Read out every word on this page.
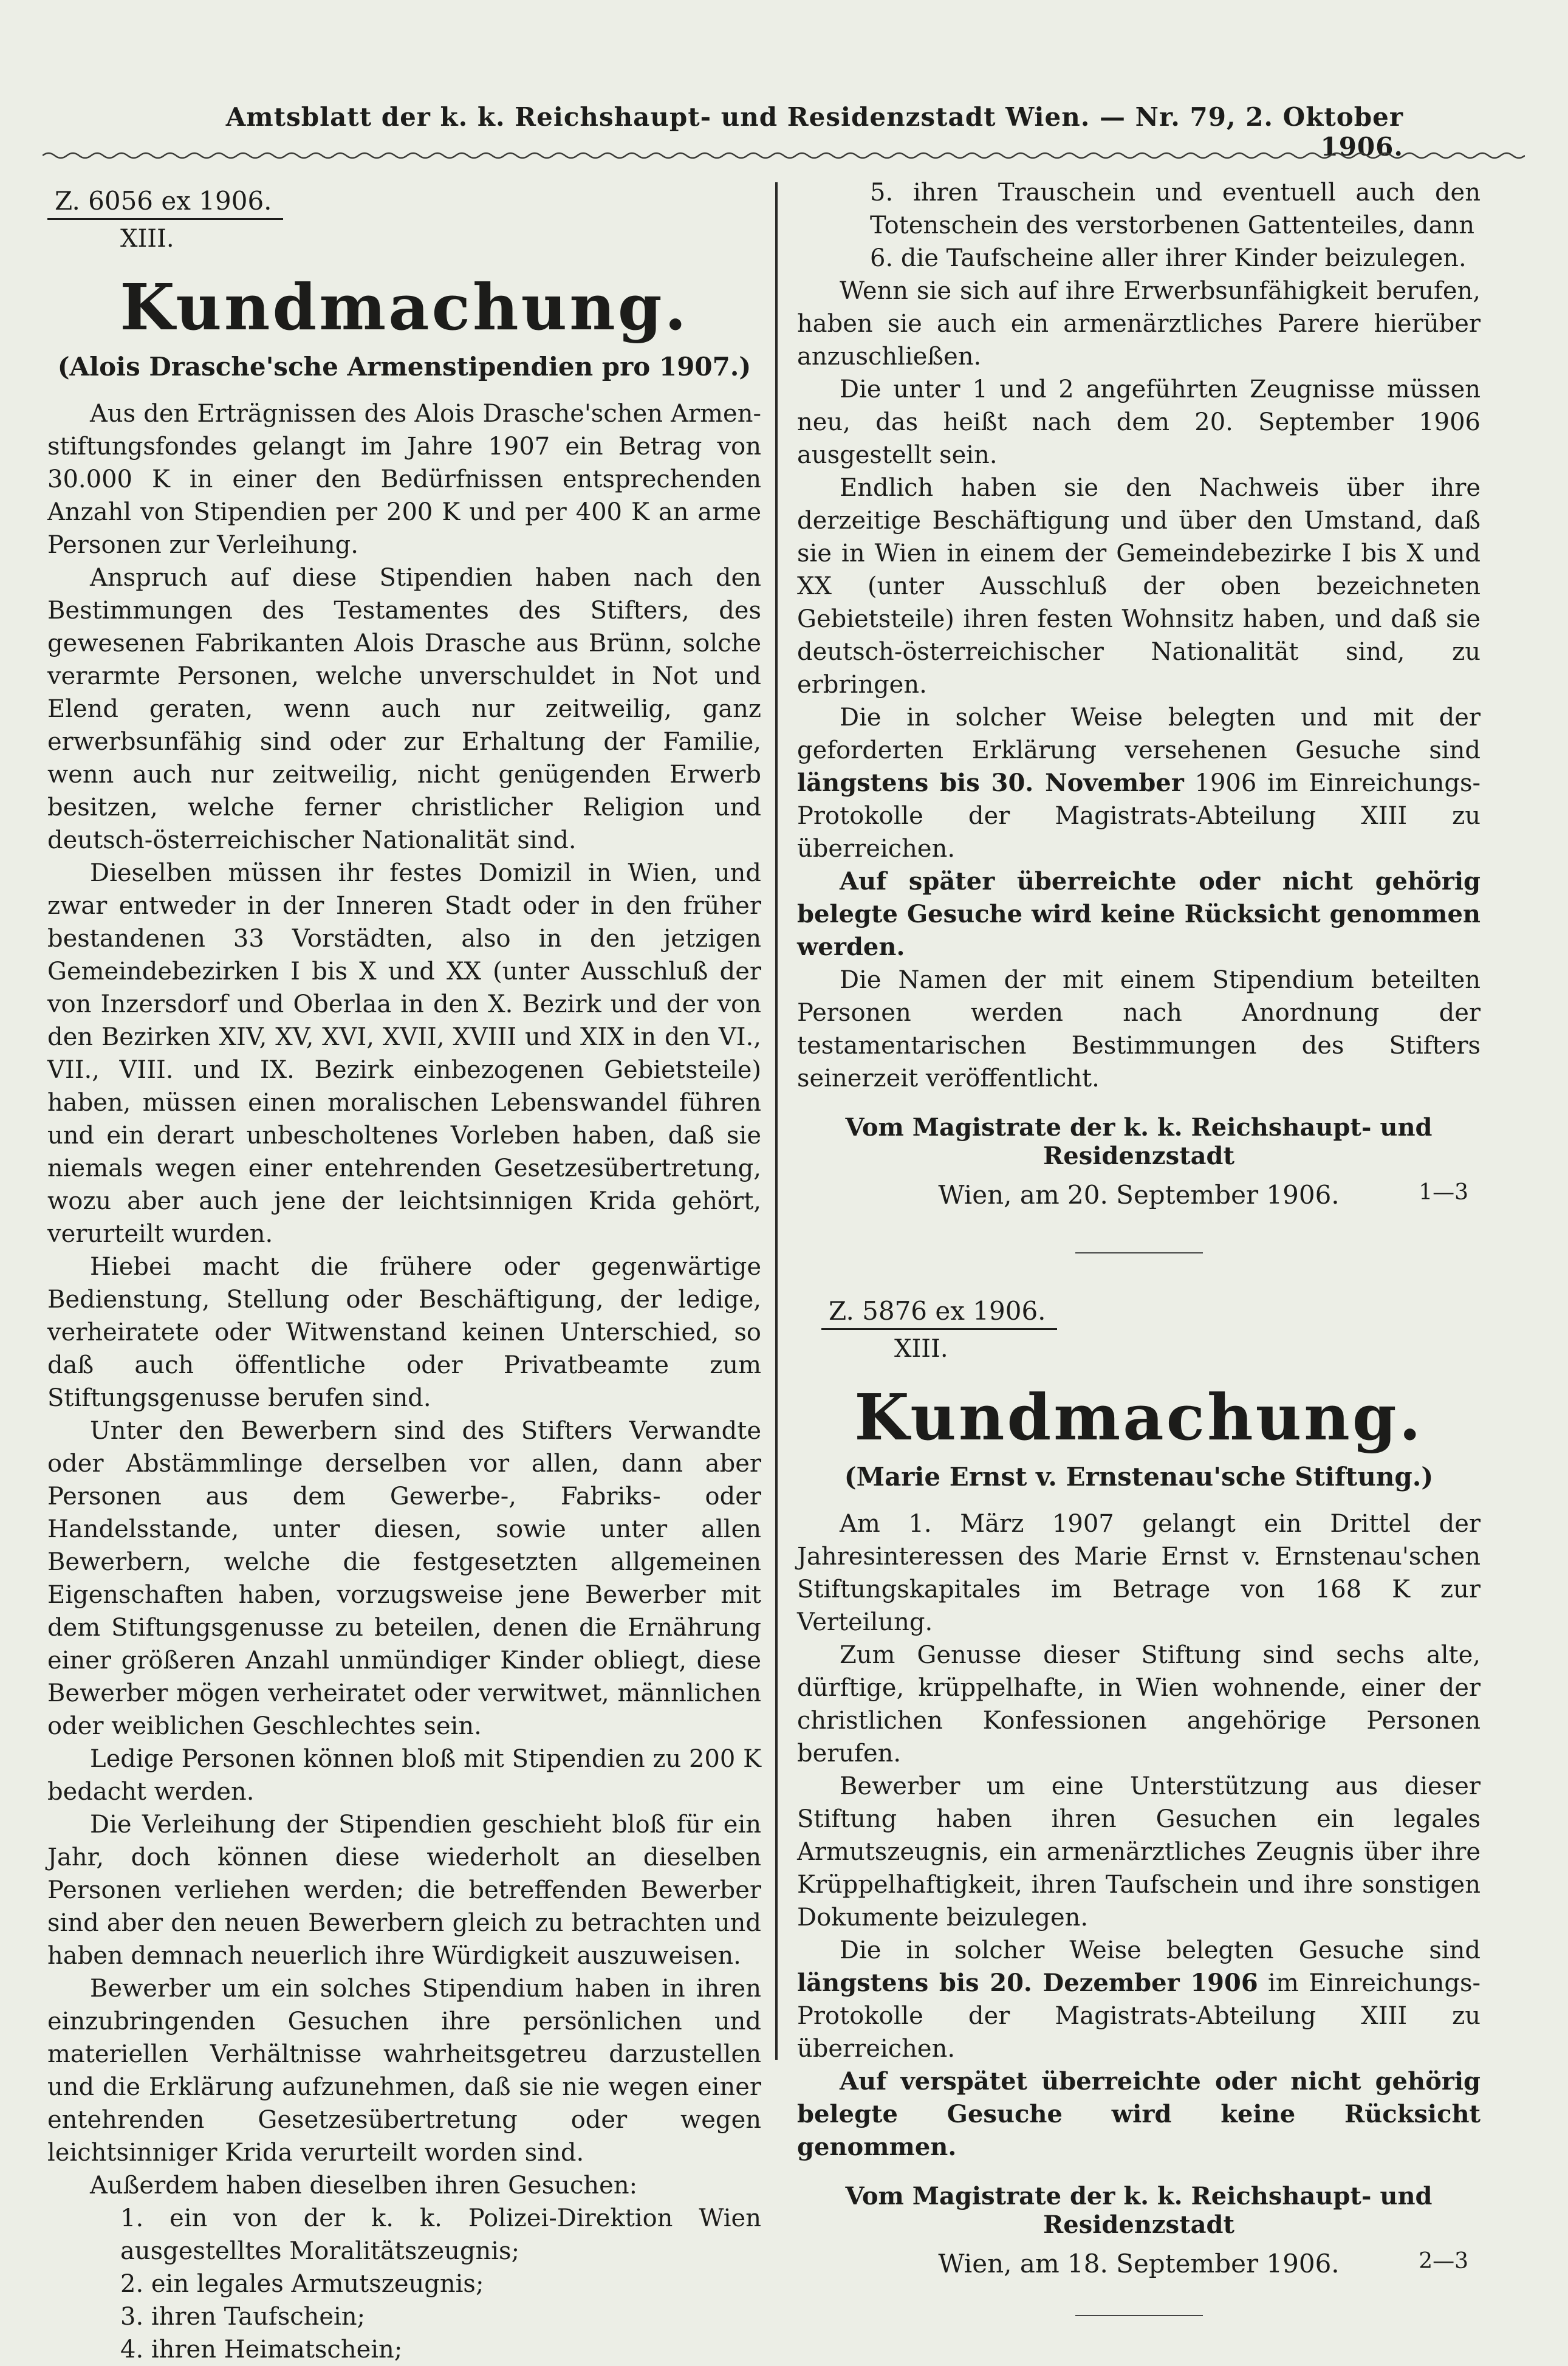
Amtsblatt der k. k. Reichshaupt- und Residenzstadt Wien. — Nr. 79, 2. Oktober 1906.
Z. 6056 ex 1906.
XIII.
Kundmachung.
(Alois Drasche'sche Armenstipendien pro 1907.)

Aus den Erträgnissen des Alois Drasche'schen Armen-stiftungsfondes gelangt im Jahre 1907 ein Betrag von 30.000 K in einer den Bedürfnissen entsprechenden Anzahl von Stipendien per 200 K und per 400 K an arme Personen zur Verleihung.

Anspruch auf diese Stipendien haben nach den Bestimmungen des Testamentes des Stifters, des gewesenen Fabrikanten Alois Drasche aus Brünn, solche verarmte Personen, welche unverschuldet in Not und Elend geraten, wenn auch nur zeitweilig, ganz erwerbsunfähig sind oder zur Erhaltung der Familie, wenn auch nur zeitweilig, nicht genügenden Erwerb besitzen, welche ferner christlicher Religion und deutsch-österreichischer Nationalität sind.

Dieselben müssen ihr festes Domizil in Wien, und zwar entweder in der Inneren Stadt oder in den früher bestandenen 33 Vorstädten, also in den jetzigen Gemeindebezirken I bis X und XX (unter Ausschluß der von Inzersdorf und Oberlaa in den X. Bezirk und der von den Bezirken XIV, XV, XVI, XVII, XVIII und XIX in den VI., VII., VIII. und IX. Bezirk einbezogenen Gebietsteile) haben, müssen einen moralischen Lebenswandel führen und ein derart unbescholtenes Vorleben haben, daß sie niemals wegen einer entehrenden Gesetzesübertretung, wozu aber auch jene der leichtsinnigen Krida gehört, verurteilt wurden.

Hiebei macht die frühere oder gegenwärtige Bedienstung, Stellung oder Beschäftigung, der ledige, verheiratete oder Witwenstand keinen Unterschied, so daß auch öffentliche oder Privatbeamte zum Stiftungsgenusse berufen sind.

Unter den Bewerbern sind des Stifters Verwandte oder Abstämmlinge derselben vor allen, dann aber Personen aus dem Gewerbe-, Fabriks- oder Handelsstande, unter diesen, sowie unter allen Bewerbern, welche die festgesetzten allgemeinen Eigenschaften haben, vorzugsweise jene Bewerber mit dem Stiftungsgenusse zu beteilen, denen die Ernährung einer größeren Anzahl unmündiger Kinder obliegt, diese Bewerber mögen verheiratet oder verwitwet, männlichen oder weiblichen Geschlechtes sein.

Ledige Personen können bloß mit Stipendien zu 200 K bedacht werden.

Die Verleihung der Stipendien geschieht bloß für ein Jahr, doch können diese wiederholt an dieselben Personen verliehen werden; die betreffenden Bewerber sind aber den neuen Bewerbern gleich zu betrachten und haben demnach neuerlich ihre Würdigkeit auszuweisen.

Bewerber um ein solches Stipendium haben in ihren einzubringenden Gesuchen ihre persönlichen und materiellen Verhältnisse wahrheitsgetreu darzustellen und die Erklärung aufzunehmen, daß sie nie wegen einer entehrenden Gesetzesübertretung oder wegen leichtsinniger Krida verurteilt worden sind.

Außerdem haben dieselben ihren Gesuchen:

1. ein von der k. k. Polizei-Direktion Wien ausgestelltes Moralitätszeugnis;

2. ein legales Armutszeugnis;

3. ihren Taufschein;

4. ihren Heimatschein;

5. ihren Trauschein und eventuell auch den Totenschein des verstorbenen Gattenteiles, dann

6. die Taufscheine aller ihrer Kinder beizulegen.

Wenn sie sich auf ihre Erwerbsunfähigkeit berufen, haben sie auch ein armenärztliches Parere hierüber anzuschließen.

Die unter 1 und 2 angeführten Zeugnisse müssen neu, das heißt nach dem 20. September 1906 ausgestellt sein.

Endlich haben sie den Nachweis über ihre derzeitige Beschäftigung und über den Umstand, daß sie in Wien in einem der Gemeindebezirke I bis X und XX (unter Ausschluß der oben bezeichneten Gebietsteile) ihren festen Wohnsitz haben, und daß sie deutsch-österreichischer Nationalität sind, zu erbringen.

Die in solcher Weise belegten und mit der geforderten Erklärung versehenen Gesuche sind längstens bis 30. November 1906 im Einreichungs-Protokolle der Magistrats-Abteilung XIII zu überreichen.

Auf später überreichte oder nicht gehörig belegte Gesuche wird keine Rücksicht genommen werden.

Die Namen der mit einem Stipendium beteilten Personen werden nach Anordnung der testamentarischen Bestimmungen des Stifters seinerzeit veröffentlicht.

Vom Magistrate der k. k. Reichshaupt- und Residenzstadt
Wien, am 20. September 1906.	1—3
Z. 5876 ex 1906.
XIII.
Kundmachung.
(Marie Ernst v. Ernstenau'sche Stiftung.)

Am 1. März 1907 gelangt ein Drittel der Jahresinteressen des Marie Ernst v. Ernstenau'schen Stiftungskapitales im Betrage von 168 K zur Verteilung.

Zum Genusse dieser Stiftung sind sechs alte, dürftige, krüppelhafte, in Wien wohnende, einer der christlichen Konfessionen angehörige Personen berufen.

Bewerber um eine Unterstützung aus dieser Stiftung haben ihren Gesuchen ein legales Armutszeugnis, ein armenärztliches Zeugnis über ihre Krüppelhaftigkeit, ihren Taufschein und ihre sonstigen Dokumente beizulegen.

Die in solcher Weise belegten Gesuche sind längstens bis 20. Dezember 1906 im Einreichungs-Protokolle der Magistrats-Abteilung XIII zu überreichen.

Auf verspätet überreichte oder nicht gehörig belegte Gesuche wird keine Rücksicht genommen.

Vom Magistrate der k. k. Reichshaupt- und Residenzstadt
Wien, am 18. September 1906.	2—3
